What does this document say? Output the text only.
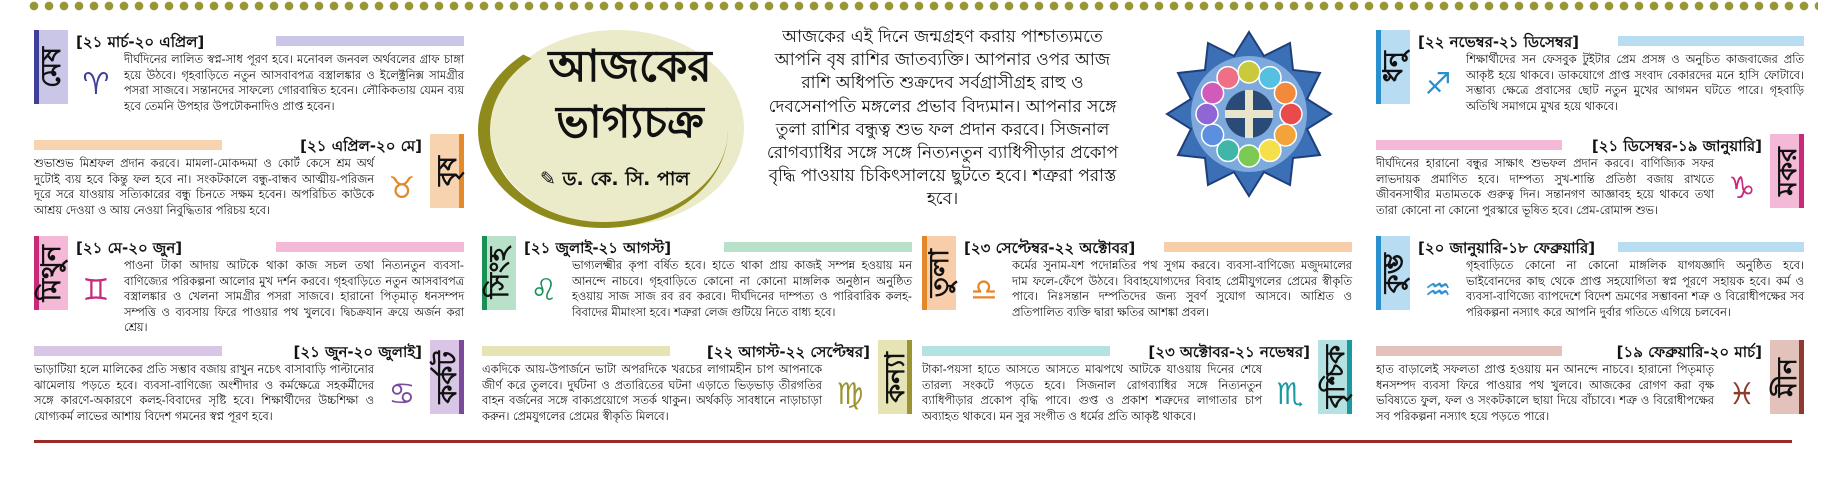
আজকের
ভাগ্যচক্র
✎ ড. কে. সি. পাল
আজকের এই দিনে জন্মগ্রহণ করায় পাশ্চাত্যমতে আপনি বৃষ রাশির জাতব্যক্তি। আপনার ওপর আজ রাশি অধিপতি শুক্রদেব সর্বগ্রাসীগ্রহ রাহু ও দেবসেনাপতি মঙ্গলের প্রভাব বিদ্যমান। আপনার সঙ্গে তুলা রাশির বন্ধুত্ব শুভ ফল প্রদান করবে। সিজনাল রোগব্যাধির সঙ্গে সঙ্গে নিত্যনতুন ব্যাধিপীড়ার প্রকোপ বৃদ্ধি পাওয়ায় চিকিৎসালয়ে ছুটতে হবে। শত্রুরা পরাস্ত হবে।
মেষ
[২১ মার্চ-২০ এপ্রিল]
♈
দীর্ঘদিনের লালিত স্বপ্ন-সাধ পূরণ হবে। মনোবল জনবল অর্থবলের গ্রাফ চাঙ্গা হয়ে উঠবে। গৃহবাড়িতে নতুন আসবাবপত্র বস্ত্রালঙ্কার ও ইলেক্ট্রনিক্স সামগ্রীর পসরা সাজবে। সন্তানদের সাফল্যে গোরবান্বিত হবেন। লৌকিকতায় যেমন ব্যয় হবে তেমনি উপহার উপঢৌকনাদিও প্রাপ্ত হবেন।
বৃষ
[২১ এপ্রিল-২০ মে]
♉
শুভাশুভ মিশ্রফল প্রদান করবে। মামলা-মোকদ্দমা ও কোর্ট কেসে শ্রম অর্থ দুটোই ব্যয় হবে কিন্তু ফল হবে না। সংকটকালে বন্ধু-বান্ধব আত্মীয়-পরিজন দূরে সরে যাওয়ায় সত্যিকারের বন্ধু চিনতে সক্ষম হবেন। অপরিচিত কাউকে আশ্রয় দেওয়া ও আয় নেওয়া নিবুদ্ধিতার পরিচয় হবে।
মিথুন [২১ মে-২০ জুন]
♊
পাওনা টাকা আদায় আটকে থাকা কাজ সচল তথা নিত্যনতুন ব্যবসা-বাণিজ্যের পরিকল্পনা আলোর মুখ দর্শন করবে। গৃহবাড়িতে নতুন আসবাবপত্র বস্ত্রালঙ্কার ও খেলনা সামগ্রীর পসরা সাজবে। হারানো পিতৃমাতৃ ধনসম্পদ সম্পত্তি ও ব্যবসায় ফিরে পাওয়ার পথ খুলবে। দ্বিচক্রযান ক্রয়ে অর্জন করা শ্রেয়।
কর্কট
[২১ জুন-২০ জুলাই]
♋
ভাড়াটিয়া হলে মালিকের প্রতি সম্ভাব বজায় রাখুন নচেৎ বাসাবাড়ি পাল্টানোর ঝামেলায় পড়তে হবে। ব্যবসা-বাণিজ্যে অংশীদার ও কর্মক্ষেত্রে সহকর্মীদের সঙ্গে কারণে-অকারণে কলহ-বিবাদের সৃষ্টি হবে। শিক্ষার্থীদের উচ্চশিক্ষা ও যোগ্যকর্ম লাভের আশায় বিদেশ গমনের স্বপ্ন পূরণ হবে।
সিংহ [২১ জুলাই-২১ আগস্ট]
♌
ভাগ্যলক্ষ্মীর কৃপা বর্ষিত হবে। হাতে থাকা প্রায় কাজই সম্পন্ন হওয়ায় মন আনন্দে নাচবে। গৃহবাড়িতে কোনো না কোনো মাঙ্গলিক অনুষ্ঠান অনুষ্ঠিত হওয়ায় সাজ সাজ রব রব করবে। দীর্ঘদিনের দাম্পত্য ও পারিবারিক কলহ-বিবাদের মীমাংসা হবে। শত্রুরা লেজ গুটিয়ে নিতে বাধ্য হবে।
কন্যা
[২২ আগস্ট-২২ সেপ্টেম্বর]
♍
একদিকে আয়-উপার্জনে ভাটা অপরদিকে খরচের লাগামহীন চাপ আপনাকে জীর্ণ করে তুলবে। দুর্ঘটনা ও প্রতারিতের ঘটনা এড়াতে ভিড়ভাড় তীরগতির বাহন বর্জনের সঙ্গে বাক্যপ্রয়োগে সতর্ক থাকুন। অর্থকড়ি সাবধানে নাড়াচাড়া করুন। প্রেমযুগলের প্রেমের স্বীকৃতি মিলবে।
তুলা
[২৩ সেপ্টেম্বর-২২ অক্টোবর]
♎
কর্মের সুনাম-যশ পদোন্নতির পথ সুগম করবে। ব্যবসা-বাণিজ্যে মজুদমালের দাম ফলে-ফেঁপে উঠবে। বিবাহযোগ্যদের বিবাহ প্রেমীযুগলের প্রেমের স্বীকৃতি পাবে। নিঃসন্তান দম্পতিদের জন্য সুবর্ণ সুযোগ আসবে। আশ্রিত ও প্রতিপালিত ব্যক্তি দ্বারা ক্ষতির আশঙ্কা প্রবল।
বৃশ্চিক
[২৩ অক্টোবর-২১ নভেম্বর]
♏
টাকা-পয়সা হাতে আসতে আসতে মাঝপথে আটকে যাওয়ায় দিনের শেষে তারল্য সংকটে পড়তে হবে। সিজনাল রোগব্যাধির সঙ্গে নিত্যনতুন ব্যাধিপীড়ার প্রকোপ বৃদ্ধি পাবে। গুপ্ত ও প্রকাশ শত্রুদের লাগাতার চাপ অব্যাহত থাকবে। মন সুর সংগীত ও ধর্মের প্রতি আকৃষ্ট থাকবে।
ধনু
[২২ নভেম্বর-২১ ডিসেম্বর]
♐
শিক্ষার্থীদের সন ফেসবুক টুইটার প্রেম প্রসঙ্গ ও অনুচিত কাজবাজের প্রতি আকৃষ্ট হয়ে থাকবে। ডাকযোগে প্রাপ্ত সংবাদ বেকারদের মনে হাসি ফোটাবে। সম্ভাব্য ক্ষেত্রে প্রবাসের ছোট নতুন মুখের আগমন ঘটতে পারে। গৃহবাড়ি অতিথি সমাগমে মুখর হয়ে থাকবে।
মকর
[২১ ডিসেম্বর-১৯ জানুয়ারি]
♑
দীর্ঘদিনের হারানো বন্ধুর সাক্ষাৎ শুভফল প্রদান করবে। বাণিজ্যিক সফর লাভদায়ক প্রমাণিত হবে। দাম্পত্য সুখ-শান্তি প্রতিষ্ঠা বজায় রাখতে জীবনসাথীর মতামতকে গুরুত্ব দিন। সন্তানগণ আজ্ঞাবহ হয়ে থাকবে তথা তারা কোনো না কোনো পুরস্কারে ভূষিত হবে। প্রেম-রোমান্স শুভ।
কুম্ভ
[২০ জানুয়ারি-১৮ ফেব্রুয়ারি]
♒
গৃহবাড়িতে কোনো না কোনো মাঙ্গলিক যাগযজ্ঞাদি অনুষ্ঠিত হবে। ভাইবোনদের কাছ থেকে প্রাপ্ত সহযোগিতা স্বপ্ন পূরণে সহায়ক হবে। কর্ম ও ব্যবসা-বাণিজ্যে ব্যাপদেশে বিদেশ ভ্রমণের সম্ভাবনা শত্রু ও বিরোধীপক্ষের সব পরিকল্পনা নস্যাৎ করে আপনি দুর্বার গতিতে এগিয়ে চলবেন।
মীন
[১৯ ফেব্রুয়ারি-২০ মার্চ]
♓
হাত বাড়ালেই সফলতা প্রাপ্ত হওয়ায় মন আনন্দে নাচবে। হারানো পিতৃমাতৃ ধনসম্পদ ব্যবসা ফিরে পাওয়ার পথ খুলবে। আজকের রোগণ করা বৃক্ষ ভবিষ্যতে ফুল, ফল ও সংকটকালে ছায়া দিয়ে বাঁচাবে। শত্রু ও বিরোধীপক্ষের সব পরিকল্পনা নস্যাৎ হয়ে পড়তে পারে।
